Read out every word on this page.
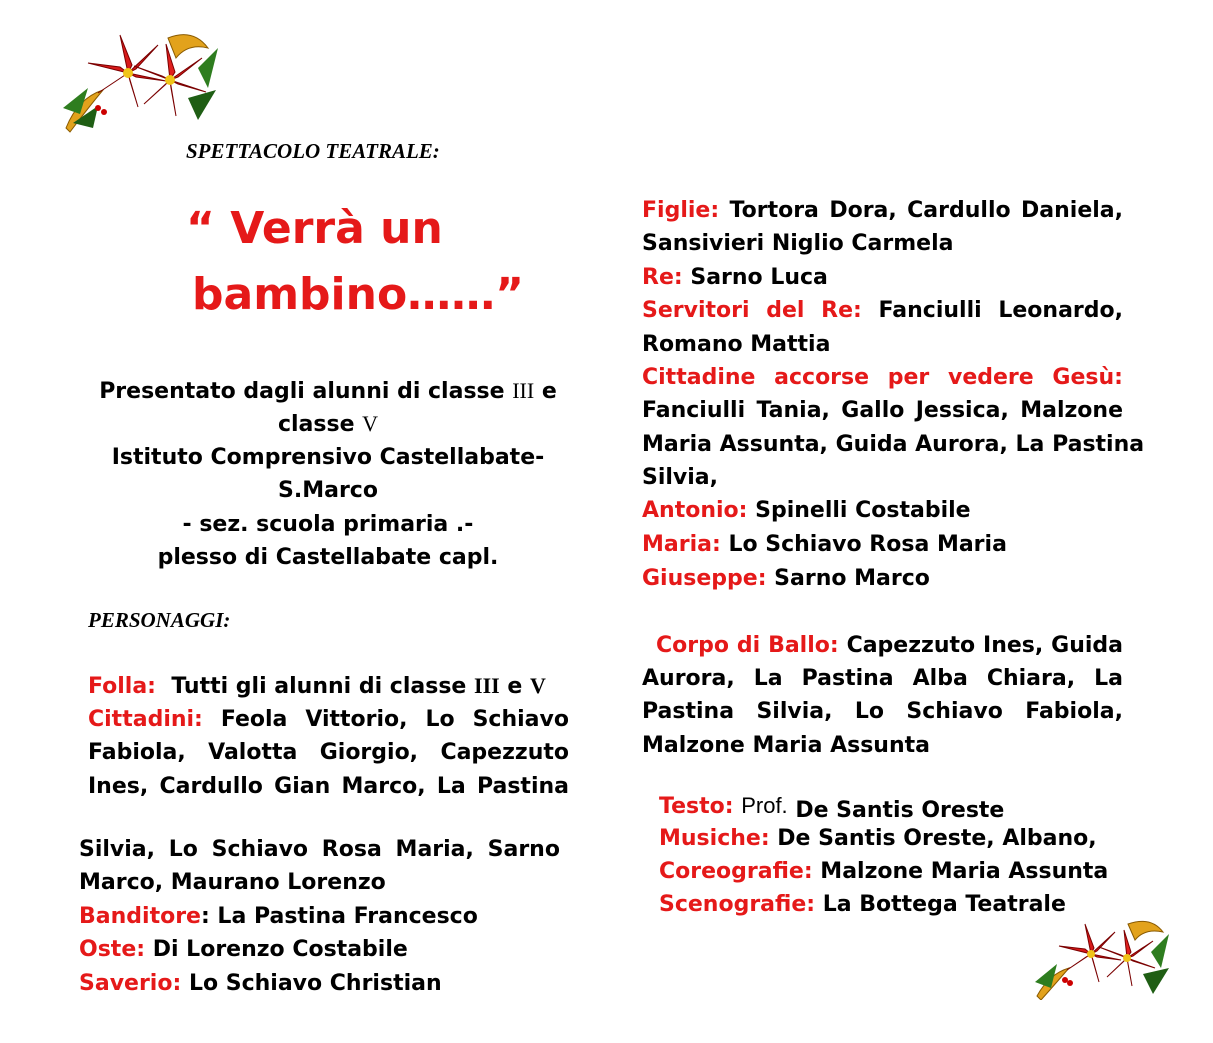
SPETTACOLO TEATRALE:
“ Verrà un
bambino……”
Presentato dagli alunni di classe III e
classe V
Istituto Comprensivo Castellabate-
S.Marco
- sez. scuola primaria .-
plesso di Castellabate capl.
PERSONAGGI:
Folla: Tutti gli alunni di classe III e V
Cittadini: Feola Vittorio, Lo Schiavo
Fabiola, Valotta Giorgio, Capezzuto
Ines, Cardullo Gian Marco, La Pastina
Silvia, Lo Schiavo Rosa Maria, Sarno
Marco, Maurano Lorenzo
Banditore: La Pastina Francesco
Oste: Di Lorenzo Costabile
Saverio: Lo Schiavo Christian
Figlie: Tortora Dora, Cardullo Daniela,
Sansivieri Niglio Carmela
Re: Sarno Luca
Servitori del Re: Fanciulli Leonardo,
Romano Mattia
Cittadine accorse per vedere Gesù:
Fanciulli Tania, Gallo Jessica, Malzone
Maria Assunta, Guida Aurora, La Pastina
Silvia,
Antonio: Spinelli Costabile
Maria: Lo Schiavo Rosa Maria
Giuseppe: Sarno Marco
Corpo di Ballo: Capezzuto Ines, Guida
Aurora, La Pastina Alba Chiara, La
Pastina Silvia, Lo Schiavo Fabiola,
Malzone Maria Assunta
Testo: Prof. De Santis Oreste
Musiche: De Santis Oreste, Albano,
Coreografie: Malzone Maria Assunta
Scenografie: La Bottega Teatrale
